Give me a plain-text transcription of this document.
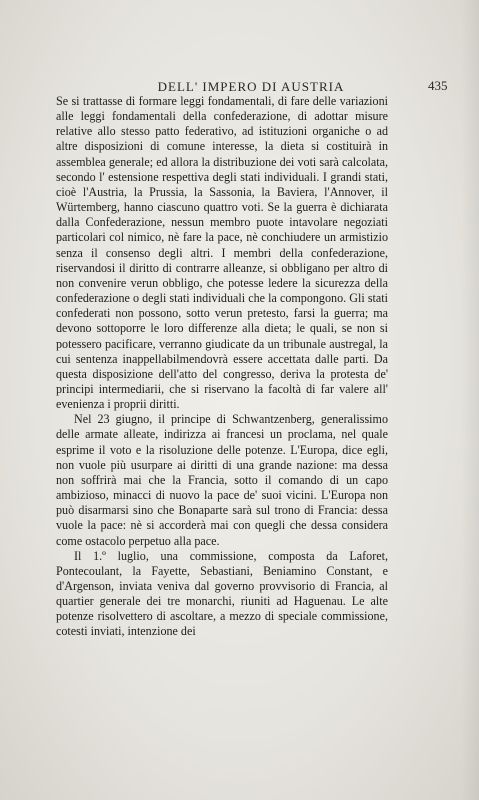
DELL' IMPERO DI AUSTRIA	435

Se si trattasse di formare leggi fondamentali, di fare delle variazioni alle leggi fondamentali della confederazione, di adottar misure relative allo stesso patto federativo, ad istituzioni organiche o ad altre disposizioni di comune interesse, la dieta si costituirà in assemblea generale; ed allora la distribuzione dei voti sarà calcolata, secondo l' estensione respettiva degli stati individuali. I grandi stati, cioè l'Austria, la Prussia, la Sassonia, la Baviera, l'Annover, il Würtemberg, hanno ciascuno quattro voti. Se la guerra è dichiarata dalla Confederazione, nessun membro puote intavolare negoziati particolari col nimico, nè fare la pace, nè conchiudere un armistizio senza il consenso degli altri. I membri della confederazione, riservandosi il diritto di contrarre alleanze, si obbligano per altro di non convenire verun obbligo, che potesse ledere la sicurezza della confederazione o degli stati individuali che la compongono. Gli stati confederati non possono, sotto verun pretesto, farsi la guerra; ma devono sottoporre le loro differenze alla dieta; le quali, se non si potessero pacificare, verranno giudicate da un tribunale austregal, la cui sentenza inappellabilmendovrà essere accettata dalle parti. Da questa disposizione dell'atto del congresso, deriva la protesta de' principi intermediarii, che si riservano la facoltà di far valere all' evenienza i proprii diritti.

Nel 23 giugno, il principe di Schwantzenberg, generalissimo delle armate alleate, indirizza ai francesi un proclama, nel quale esprime il voto e la risoluzione delle potenze. L'Europa, dice egli, non vuole più usurpare ai diritti di una grande nazione: ma dessa non soffrirà mai che la Francia, sotto il comando di un capo ambizioso, minacci di nuovo la pace de' suoi vicini. L'Europa non può disarmarsi sino che Bonaparte sarà sul trono di Francia: dessa vuole la pace: nè si accorderà mai con quegli che dessa considera come ostacolo perpetuo alla pace.

Il 1.º luglio, una commissione, composta da Laforet, Pontecoulant, la Fayette, Sebastiani, Beniamino Constant, e d'Argenson, inviata veniva dal governo provvisorio di Francia, al quartier generale dei tre monarchi, riuniti ad Haguenau. Le alte potenze risolvettero di ascoltare, a mezzo di speciale commissione, cotesti inviati, intenzione dei
